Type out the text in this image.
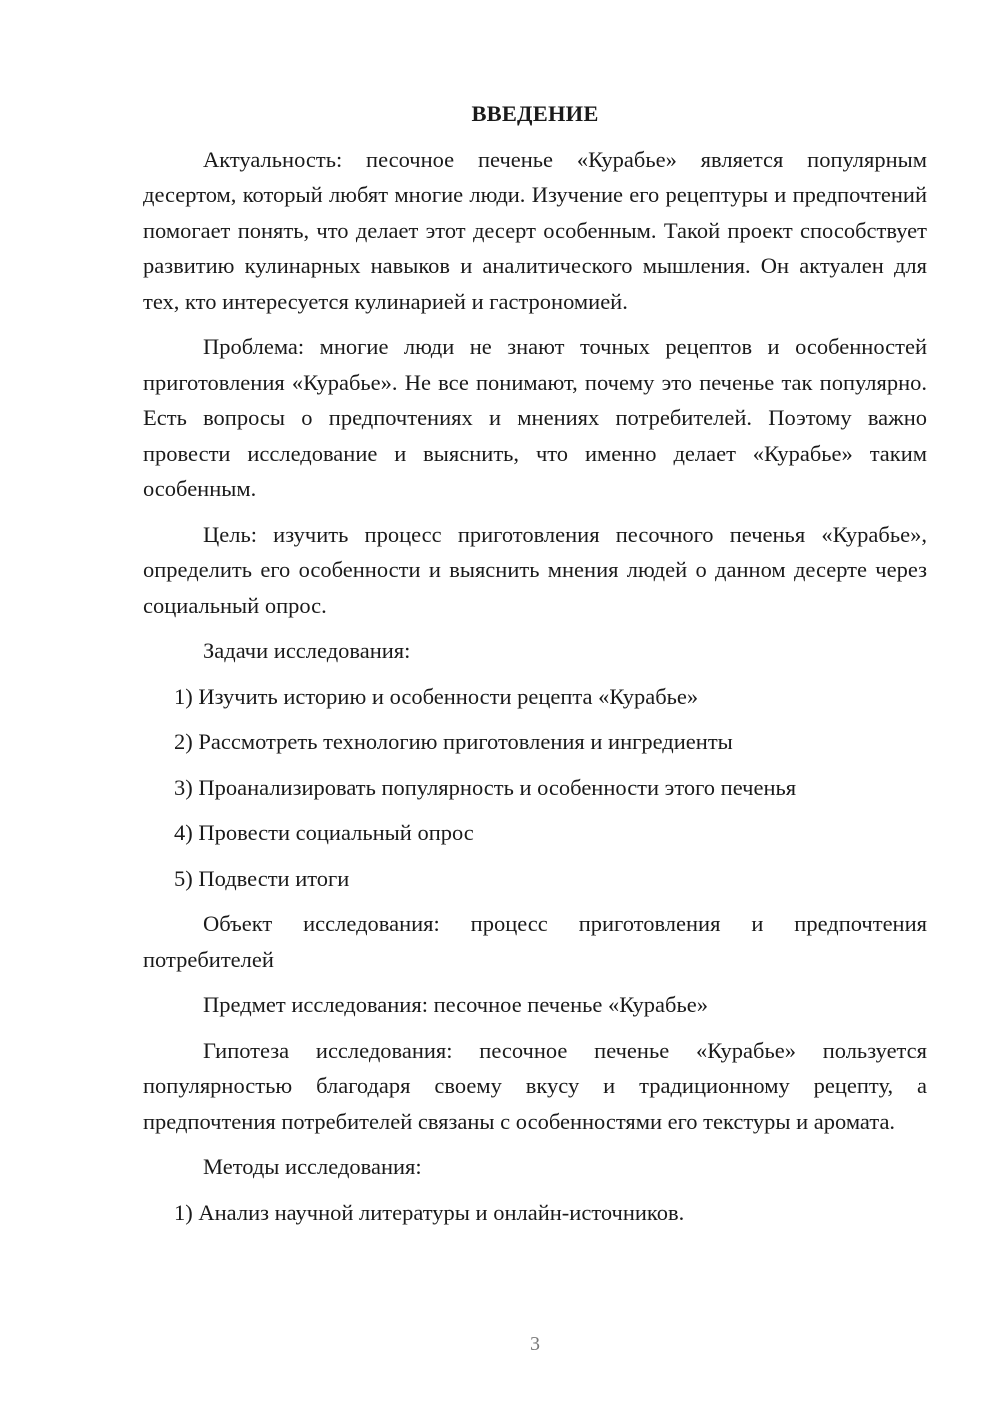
ВВЕДЕНИЕ

Актуальность: песочное печенье «Курабье» является популярным десертом, который любят многие люди. Изучение его рецептуры и предпочтений помогает понять, что делает этот десерт особенным. Такой проект способствует развитию кулинарных навыков и аналитического мышления. Он актуален для тех, кто интересуется кулинарией и гастрономией.

Проблема: многие люди не знают точных рецептов и особенностей приготовления «Курабье». Не все понимают, почему это печенье так популярно. Есть вопросы о предпочтениях и мнениях потребителей. Поэтому важно провести исследование и выяснить, что именно делает «Курабье» таким особенным.

Цель: изучить процесс приготовления песочного печенья «Курабье», определить его особенности и выяснить мнения людей о данном десерте через социальный опрос.

Задачи исследования:

1) Изучить историю и особенности рецепта «Курабье»
2) Рассмотреть технологию приготовления и ингредиенты
3) Проанализировать популярность и особенности этого печенья
4) Провести социальный опрос
5) Подвести итоги

Объект исследования: процесс приготовления и предпочтения потребителей

Предмет исследования: песочное печенье «Курабье»

Гипотеза исследования: песочное печенье «Курабье» пользуется популярностью благодаря своему вкусу и традиционному рецепту, а предпочтения потребителей связаны с особенностями его текстуры и аромата.

Методы исследования:

1) Анализ научной литературы и онлайн-источников.
3
